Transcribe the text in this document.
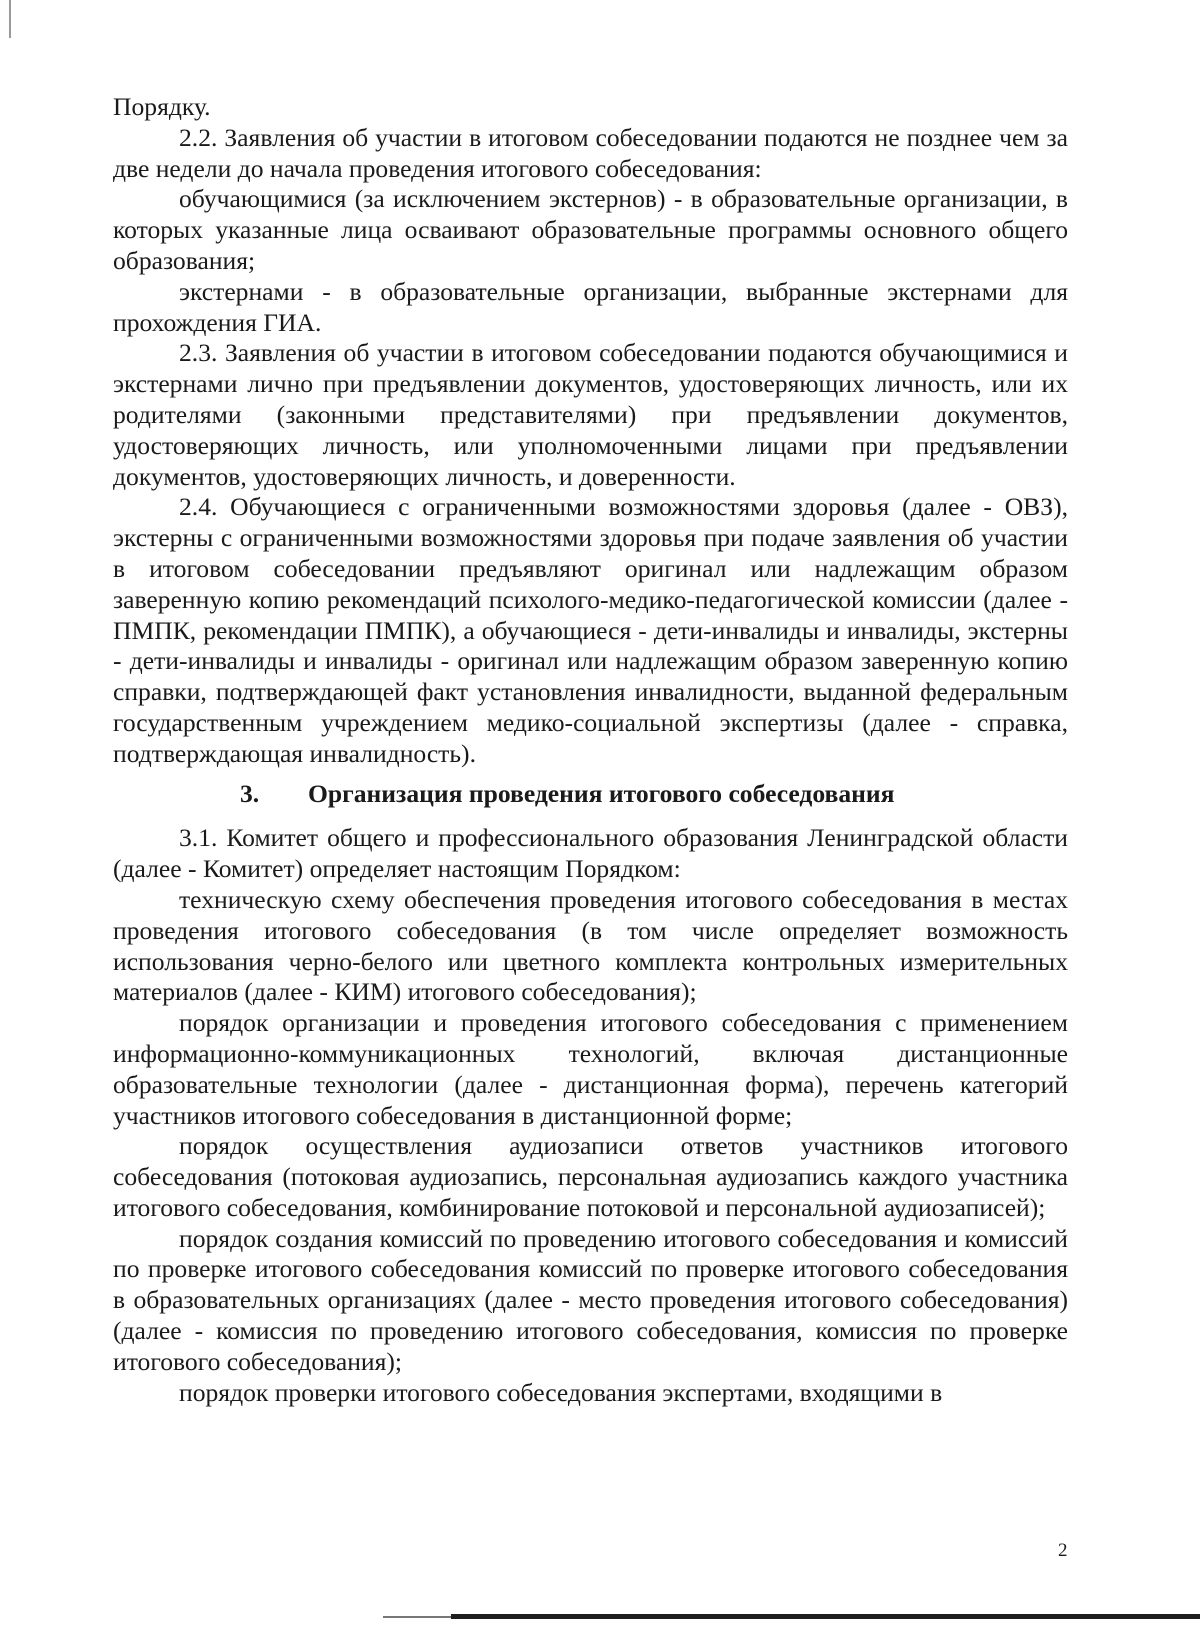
Порядку.

2.2. Заявления об участии в итоговом собеседовании подаются не позднее чем за две недели до начала проведения итогового собеседования:

обучающимися (за исключением экстернов) - в образовательные организации, в которых указанные лица осваивают образовательные программы основного общего образования;

экстернами - в образовательные организации, выбранные экстернами для прохождения ГИА.

2.3. Заявления об участии в итоговом собеседовании подаются обучающимися и экстернами лично при предъявлении документов, удостоверяющих личность, или их родителями (законными представителями) при предъявлении документов, удостоверяющих личность, или уполномоченными лицами при предъявлении документов, удостоверяющих личность, и доверенности.

2.4. Обучающиеся с ограниченными возможностями здоровья (далее - ОВЗ), экстерны с ограниченными возможностями здоровья при подаче заявления об участии в итоговом собеседовании предъявляют оригинал или надлежащим образом заверенную копию рекомендаций психолого-медико-педагогической комиссии (далее - ПМПК, рекомендации ПМПК), а обучающиеся - дети-инвалиды и инвалиды, экстерны - дети-инвалиды и инвалиды - оригинал или надлежащим образом заверенную копию справки, подтверждающей факт установления инвалидности, выданной федеральным государственным учреждением медико-социальной экспертизы (далее - справка, подтверждающая инвалидность).

3. Организация проведения итогового собеседования

3.1. Комитет общего и профессионального образования Ленинградской области (далее - Комитет) определяет настоящим Порядком:

техническую схему обеспечения проведения итогового собеседования в местах проведения итогового собеседования (в том числе определяет возможность использования черно-белого или цветного комплекта контрольных измерительных материалов (далее - КИМ) итогового собеседования);

порядок организации и проведения итогового собеседования с применением информационно-коммуникационных технологий, включая дистанционные образовательные технологии (далее - дистанционная форма), перечень категорий участников итогового собеседования в дистанционной форме;

порядок осуществления аудиозаписи ответов участников итогового собеседования (потоковая аудиозапись, персональная аудиозапись каждого участника итогового собеседования, комбинирование потоковой и персональной аудиозаписей);

порядок создания комиссий по проведению итогового собеседования и комиссий по проверке итогового собеседования комиссий по проверке итогового собеседования в образовательных организациях (далее - место проведения итогового собеседования) (далее - комиссия по проведению итогового собеседования, комиссия по проверке итогового собеседования);

порядок проверки итогового собеседования экспертами, входящими в

2
